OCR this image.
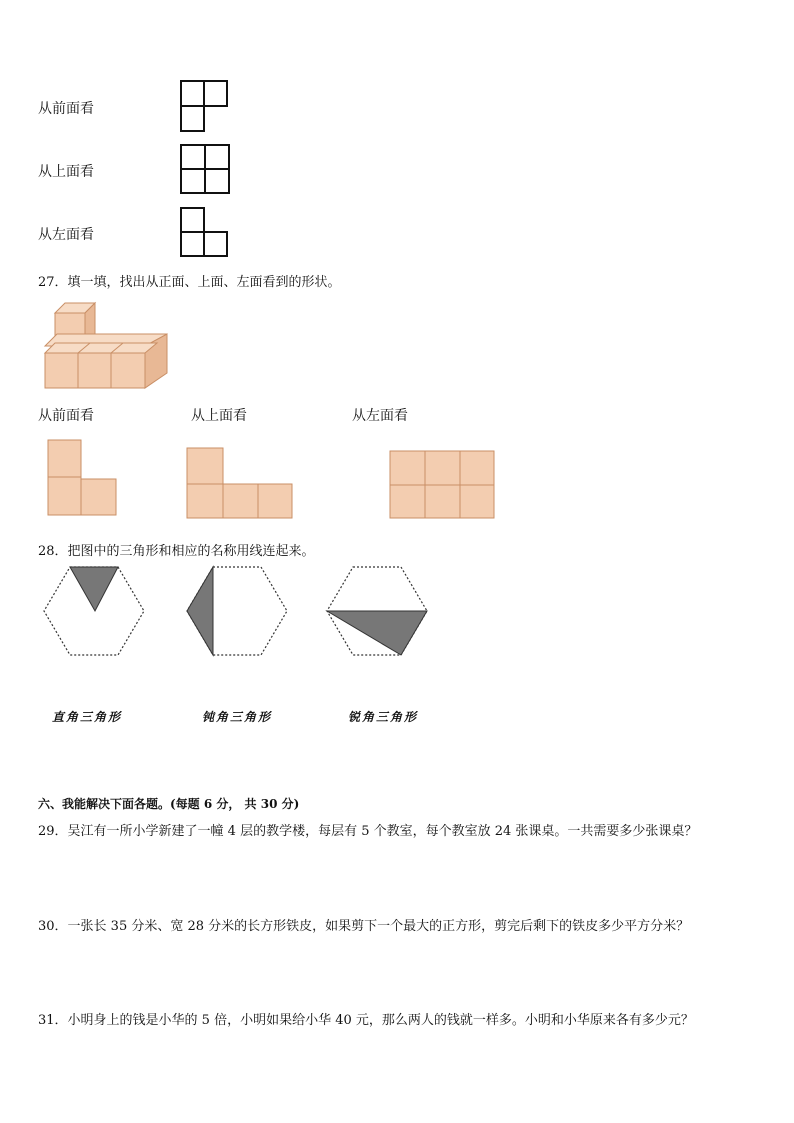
从前面看
从上面看
从左面看
27．填一填，找出从正面、上面、左面看到的形状。
从前面看	从上面看	从左面看
28．把图中的三角形和相应的名称用线连起来。
直角三角形	钝角三角形	锐角三角形
六、我能解决下面各题。(每题 6 分， 共 30 分)
29．吴江有一所小学新建了一幢 4 层的教学楼，每层有 5 个教室，每个教室放 24 张课桌。一共需要多少张课桌？
30．一张长 35 分米、宽 28 分米的长方形铁皮，如果剪下一个最大的正方形，剪完后剩下的铁皮多少平方分米？
31．小明身上的钱是小华的 5 倍，小明如果给小华 40 元，那么两人的钱就一样多。小明和小华原来各有多少元？
